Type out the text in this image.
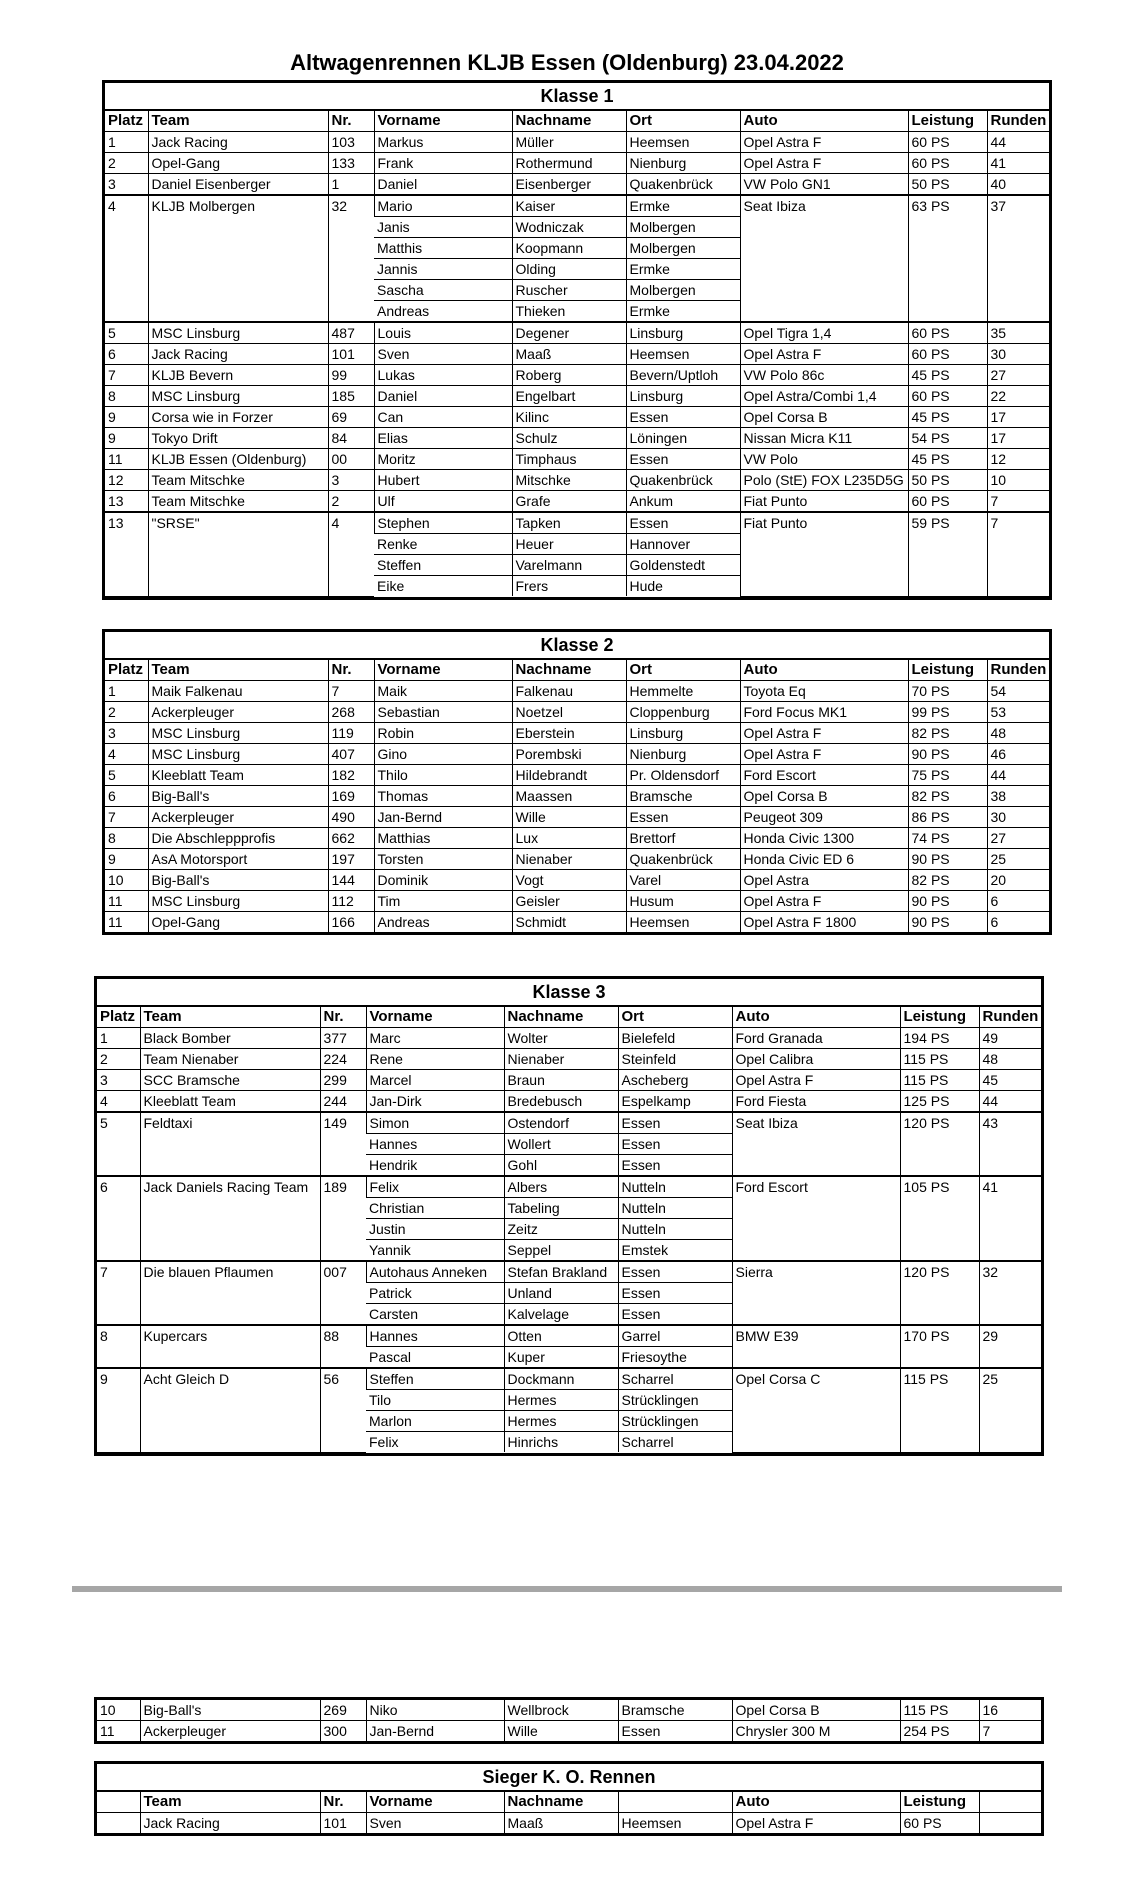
Altwagenrennen KLJB Essen (Oldenburg) 23.04.2022
Klasse 1
Platz	Team	Nr.	Vorname	Nachname	Ort	Auto	Leistung	Runden
1	Jack Racing	103	Markus	Müller	Heemsen	Opel Astra F	60 PS	44
2	Opel-Gang	133	Frank	Rothermund	Nienburg	Opel Astra F	60 PS	41
3	Daniel Eisenberger	1	Daniel	Eisenberger	Quakenbrück	VW Polo GN1	50 PS	40
4	KLJB Molbergen	32	Mario	Kaiser	Ermke	Seat Ibiza	63 PS	37
			Janis	Wodniczak	Molbergen			
			Matthis	Koopmann	Molbergen			
			Jannis	Olding	Ermke			
			Sascha	Ruscher	Molbergen			
			Andreas	Thieken	Ermke			
5	MSC Linsburg	487	Louis	Degener	Linsburg	Opel Tigra 1,4	60 PS	35
6	Jack Racing	101	Sven	Maaß	Heemsen	Opel Astra F	60 PS	30
7	KLJB Bevern	99	Lukas	Roberg	Bevern/Uptloh	VW Polo 86c	45 PS	27
8	MSC Linsburg	185	Daniel	Engelbart	Linsburg	Opel Astra/Combi 1,4	60 PS	22
9	Corsa wie in Forzer	69	Can	Kilinc	Essen	Opel Corsa B	45 PS	17
9	Tokyo Drift	84	Elias	Schulz	Löningen	Nissan Micra K11	54 PS	17
11	KLJB Essen (Oldenburg)	00	Moritz	Timphaus	Essen	VW Polo	45 PS	12
12	Team Mitschke	3	Hubert	Mitschke	Quakenbrück	Polo (StE) FOX L235D5G	50 PS	10
13	Team Mitschke	2	Ulf	Grafe	Ankum	Fiat Punto	60 PS	7
13	"SRSE"	4	Stephen	Tapken	Essen	Fiat Punto	59 PS	7
			Renke	Heuer	Hannover			
			Steffen	Varelmann	Goldenstedt			
			Eike	Frers	Hude			
Klasse 2
Platz	Team	Nr.	Vorname	Nachname	Ort	Auto	Leistung	Runden
1	Maik Falkenau	7	Maik	Falkenau	Hemmelte	Toyota Eq	70 PS	54
2	Ackerpleuger	268	Sebastian	Noetzel	Cloppenburg	Ford Focus MK1	99 PS	53
3	MSC Linsburg	119	Robin	Eberstein	Linsburg	Opel Astra F	82 PS	48
4	MSC Linsburg	407	Gino	Porembski	Nienburg	Opel Astra F	90 PS	46
5	Kleeblatt Team	182	Thilo	Hildebrandt	Pr. Oldensdorf	Ford Escort	75 PS	44
6	Big-Ball's	169	Thomas	Maassen	Bramsche	Opel Corsa B	82 PS	38
7	Ackerpleuger	490	Jan-Bernd	Wille	Essen	Peugeot 309	86 PS	30
8	Die Abschleppprofis	662	Matthias	Lux	Brettorf	Honda Civic 1300	74 PS	27
9	AsA Motorsport	197	Torsten	Nienaber	Quakenbrück	Honda Civic ED 6	90 PS	25
10	Big-Ball's	144	Dominik	Vogt	Varel	Opel Astra	82 PS	20
11	MSC Linsburg	112	Tim	Geisler	Husum	Opel Astra F	90 PS	6
11	Opel-Gang	166	Andreas	Schmidt	Heemsen	Opel Astra F 1800	90 PS	6
Klasse 3
Platz	Team	Nr.	Vorname	Nachname	Ort	Auto	Leistung	Runden
1	Black Bomber	377	Marc	Wolter	Bielefeld	Ford Granada	194 PS	49
2	Team Nienaber	224	Rene	Nienaber	Steinfeld	Opel Calibra	115 PS	48
3	SCC Bramsche	299	Marcel	Braun	Ascheberg	Opel Astra F	115 PS	45
4	Kleeblatt Team	244	Jan-Dirk	Bredebusch	Espelkamp	Ford Fiesta	125 PS	44
5	Feldtaxi	149	Simon	Ostendorf	Essen	Seat Ibiza	120 PS	43
			Hannes	Wollert	Essen			
			Hendrik	Gohl	Essen			
6	Jack Daniels Racing Team	189	Felix	Albers	Nutteln	Ford Escort	105 PS	41
			Christian	Tabeling	Nutteln			
			Justin	Zeitz	Nutteln			
			Yannik	Seppel	Emstek			
7	Die blauen Pflaumen	007	Autohaus Anneken	Stefan Brakland	Essen	Sierra	120 PS	32
			Patrick	Unland	Essen			
			Carsten	Kalvelage	Essen			
8	Kupercars	88	Hannes	Otten	Garrel	BMW E39	170 PS	29
			Pascal	Kuper	Friesoythe			
9	Acht Gleich D	56	Steffen	Dockmann	Scharrel	Opel Corsa C	115 PS	25
			Tilo	Hermes	Strücklingen			
			Marlon	Hermes	Strücklingen			
			Felix	Hinrichs	Scharrel			
10	Big-Ball's	269	Niko	Wellbrock	Bramsche	Opel Corsa B	115 PS	16
11	Ackerpleuger	300	Jan-Bernd	Wille	Essen	Chrysler 300 M	254 PS	7
Sieger K. O. Rennen
	Team	Nr.	Vorname	Nachname		Auto	Leistung	
	Jack Racing	101	Sven	Maaß	Heemsen	Opel Astra F	60 PS	
